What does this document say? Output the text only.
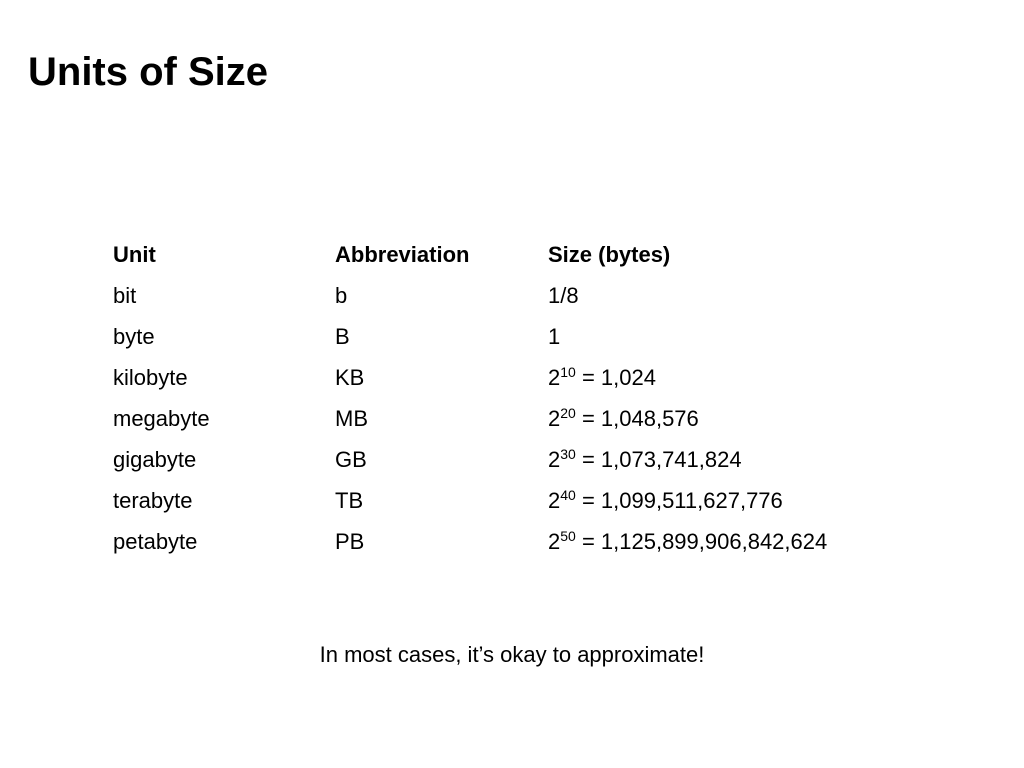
Units of Size
Unit	Abbreviation	Size (bytes)
bit	b	1/8
byte	B	1
kilobyte	KB	$2^{10} = 1,024$
megabyte	MB	$2^{20} = 1,048,576$
gigabyte	GB	$2^{30} = 1,073,741,824$
terabyte	TB	$2^{40} = 1,099,511,627,776$
petabyte	PB	$2^{50} = 1,125,899,906,842,624$

In most cases, it’s okay to approximate!
